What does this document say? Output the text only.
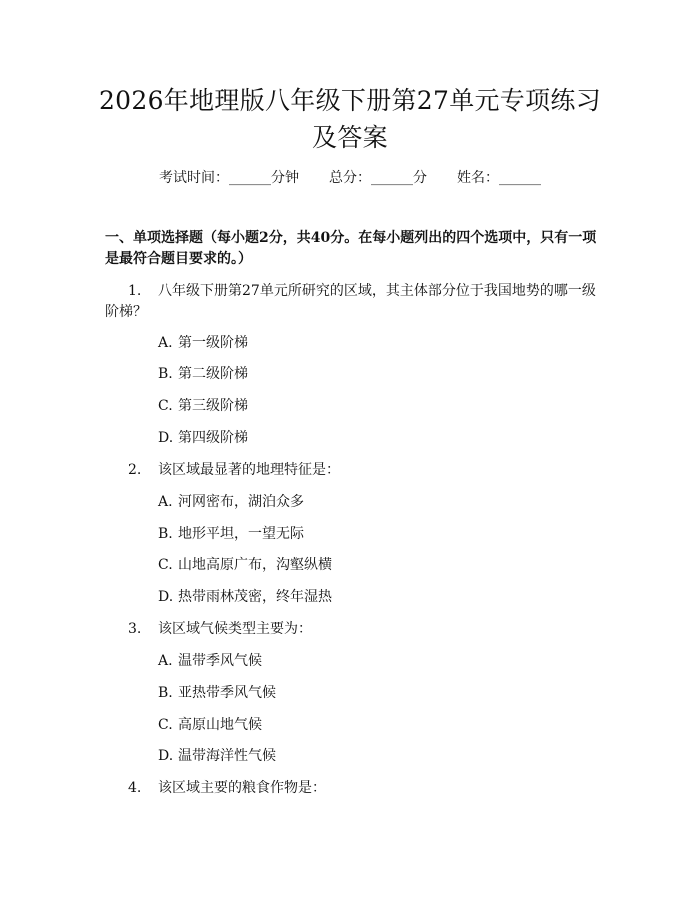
2026年地理版八年级下册第27单元专项练习及答案
考试时间：______分钟 总分：______分 姓名：______
一、单项选择题（每小题2分，共40分。在每小题列出的四个选项中，只有一项是最符合题目要求的。）
1. 八年级下册第27单元所研究的区域，其主体部分位于我国地势的哪一级
阶梯？
A. 第一级阶梯
B. 第二级阶梯
C. 第三级阶梯
D. 第四级阶梯
2. 该区域最显著的地理特征是：
A. 河网密布，湖泊众多
B. 地形平坦，一望无际
C. 山地高原广布，沟壑纵横
D. 热带雨林茂密，终年湿热
3. 该区域气候类型主要为：
A. 温带季风气候
B. 亚热带季风气候
C. 高原山地气候
D. 温带海洋性气候
4. 该区域主要的粮食作物是：
